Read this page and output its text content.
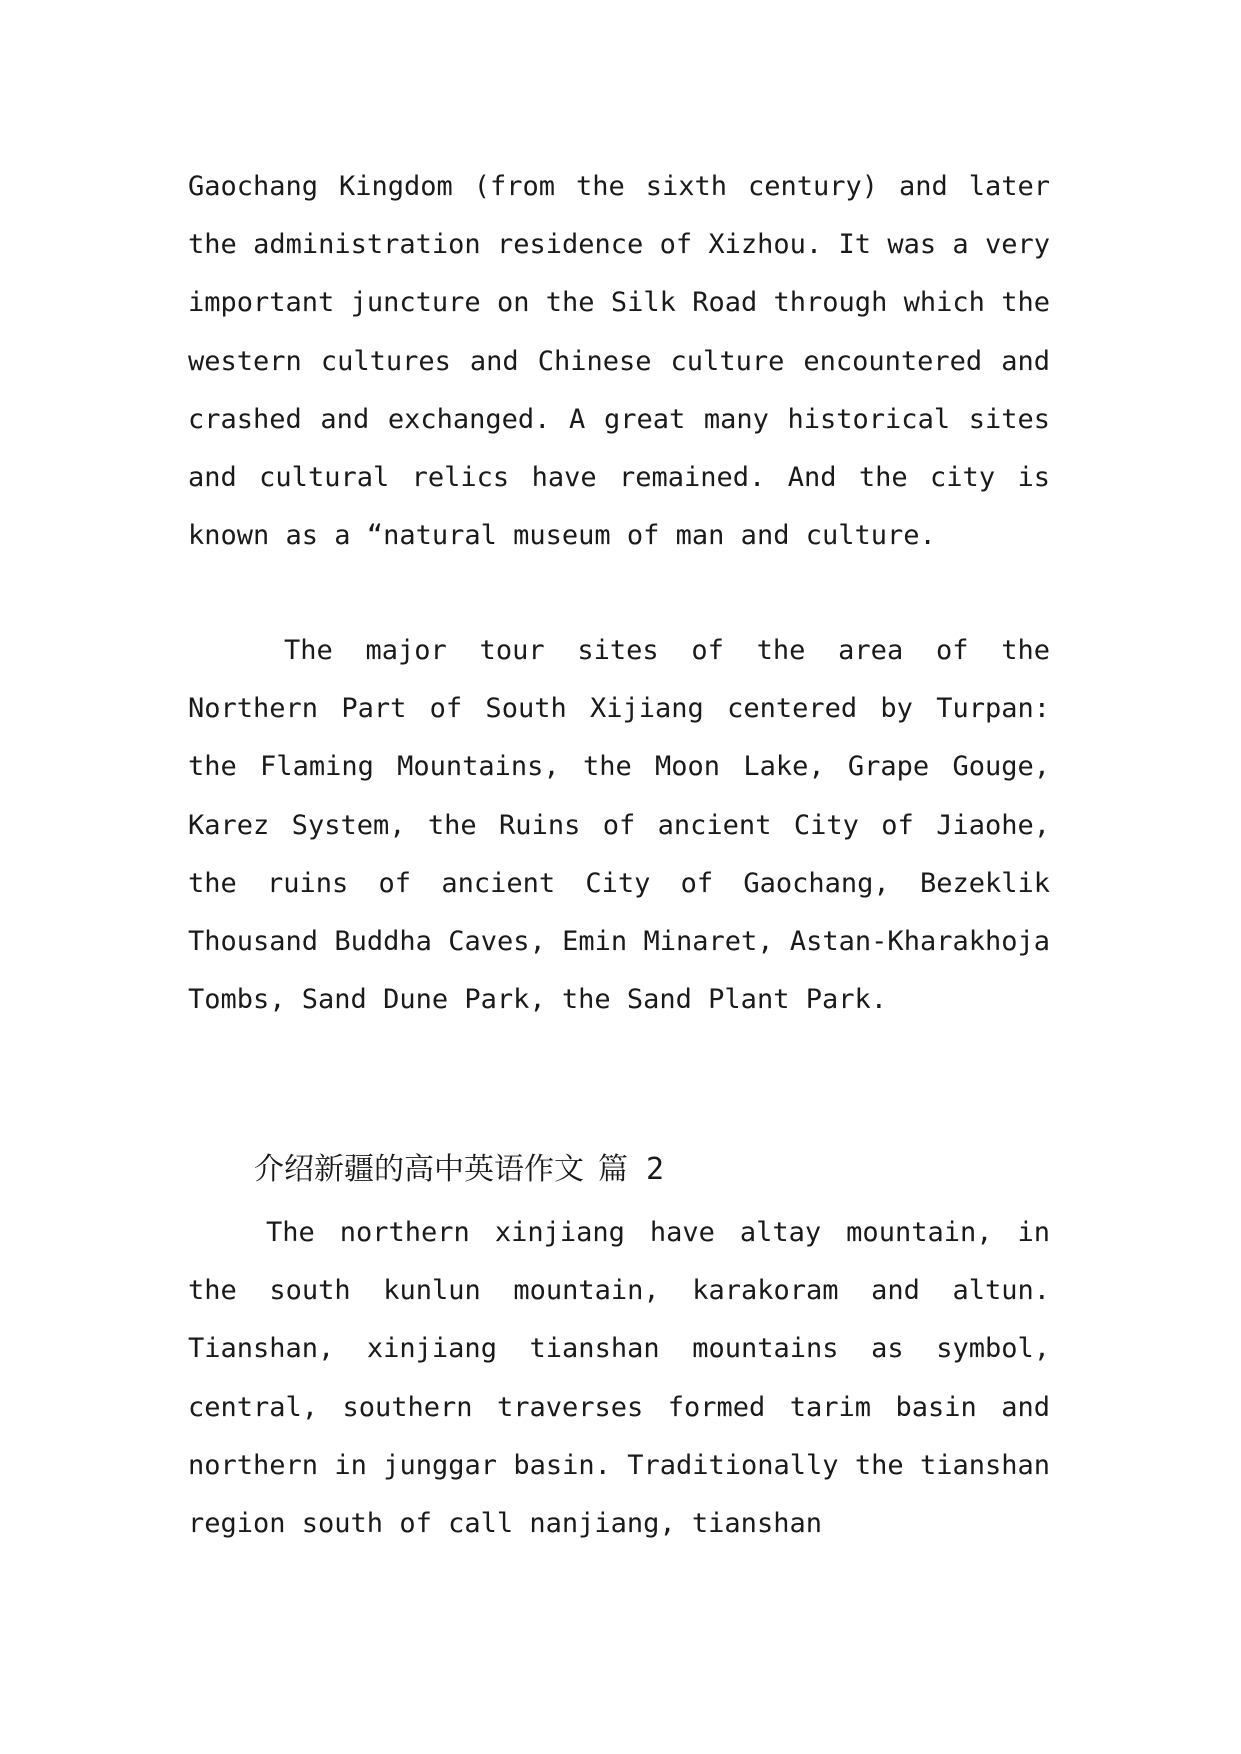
Gaochang Kingdom (from the sixth century) and later the administration residence of Xizhou. It was a very important juncture on the Silk Road through which the western cultures and Chinese culture encountered and crashed and exchanged. A great many historical sites and cultural relics have remained. And the city is known as a “natural museum of man and culture.

The major tour sites of the area of the Northern Part of South Xijiang centered by Turpan: the Flaming Mountains, the Moon Lake, Grape Gouge, Karez System, the Ruins of ancient City of Jiaohe, the ruins of ancient City of Gaochang, Bezeklik Thousand Buddha Caves, Emin Minaret, Astan-Kharakhoja Tombs, Sand Dune Park, the Sand Plant Park.

介绍新疆的高中英语作文 篇 2

The northern xinjiang have altay mountain, in the south kunlun mountain, karakoram and altun. Tianshan, xinjiang tianshan mountains as symbol, central, southern traverses formed tarim basin and northern in junggar basin. Traditionally the tianshan region south of call nanjiang, tianshan
